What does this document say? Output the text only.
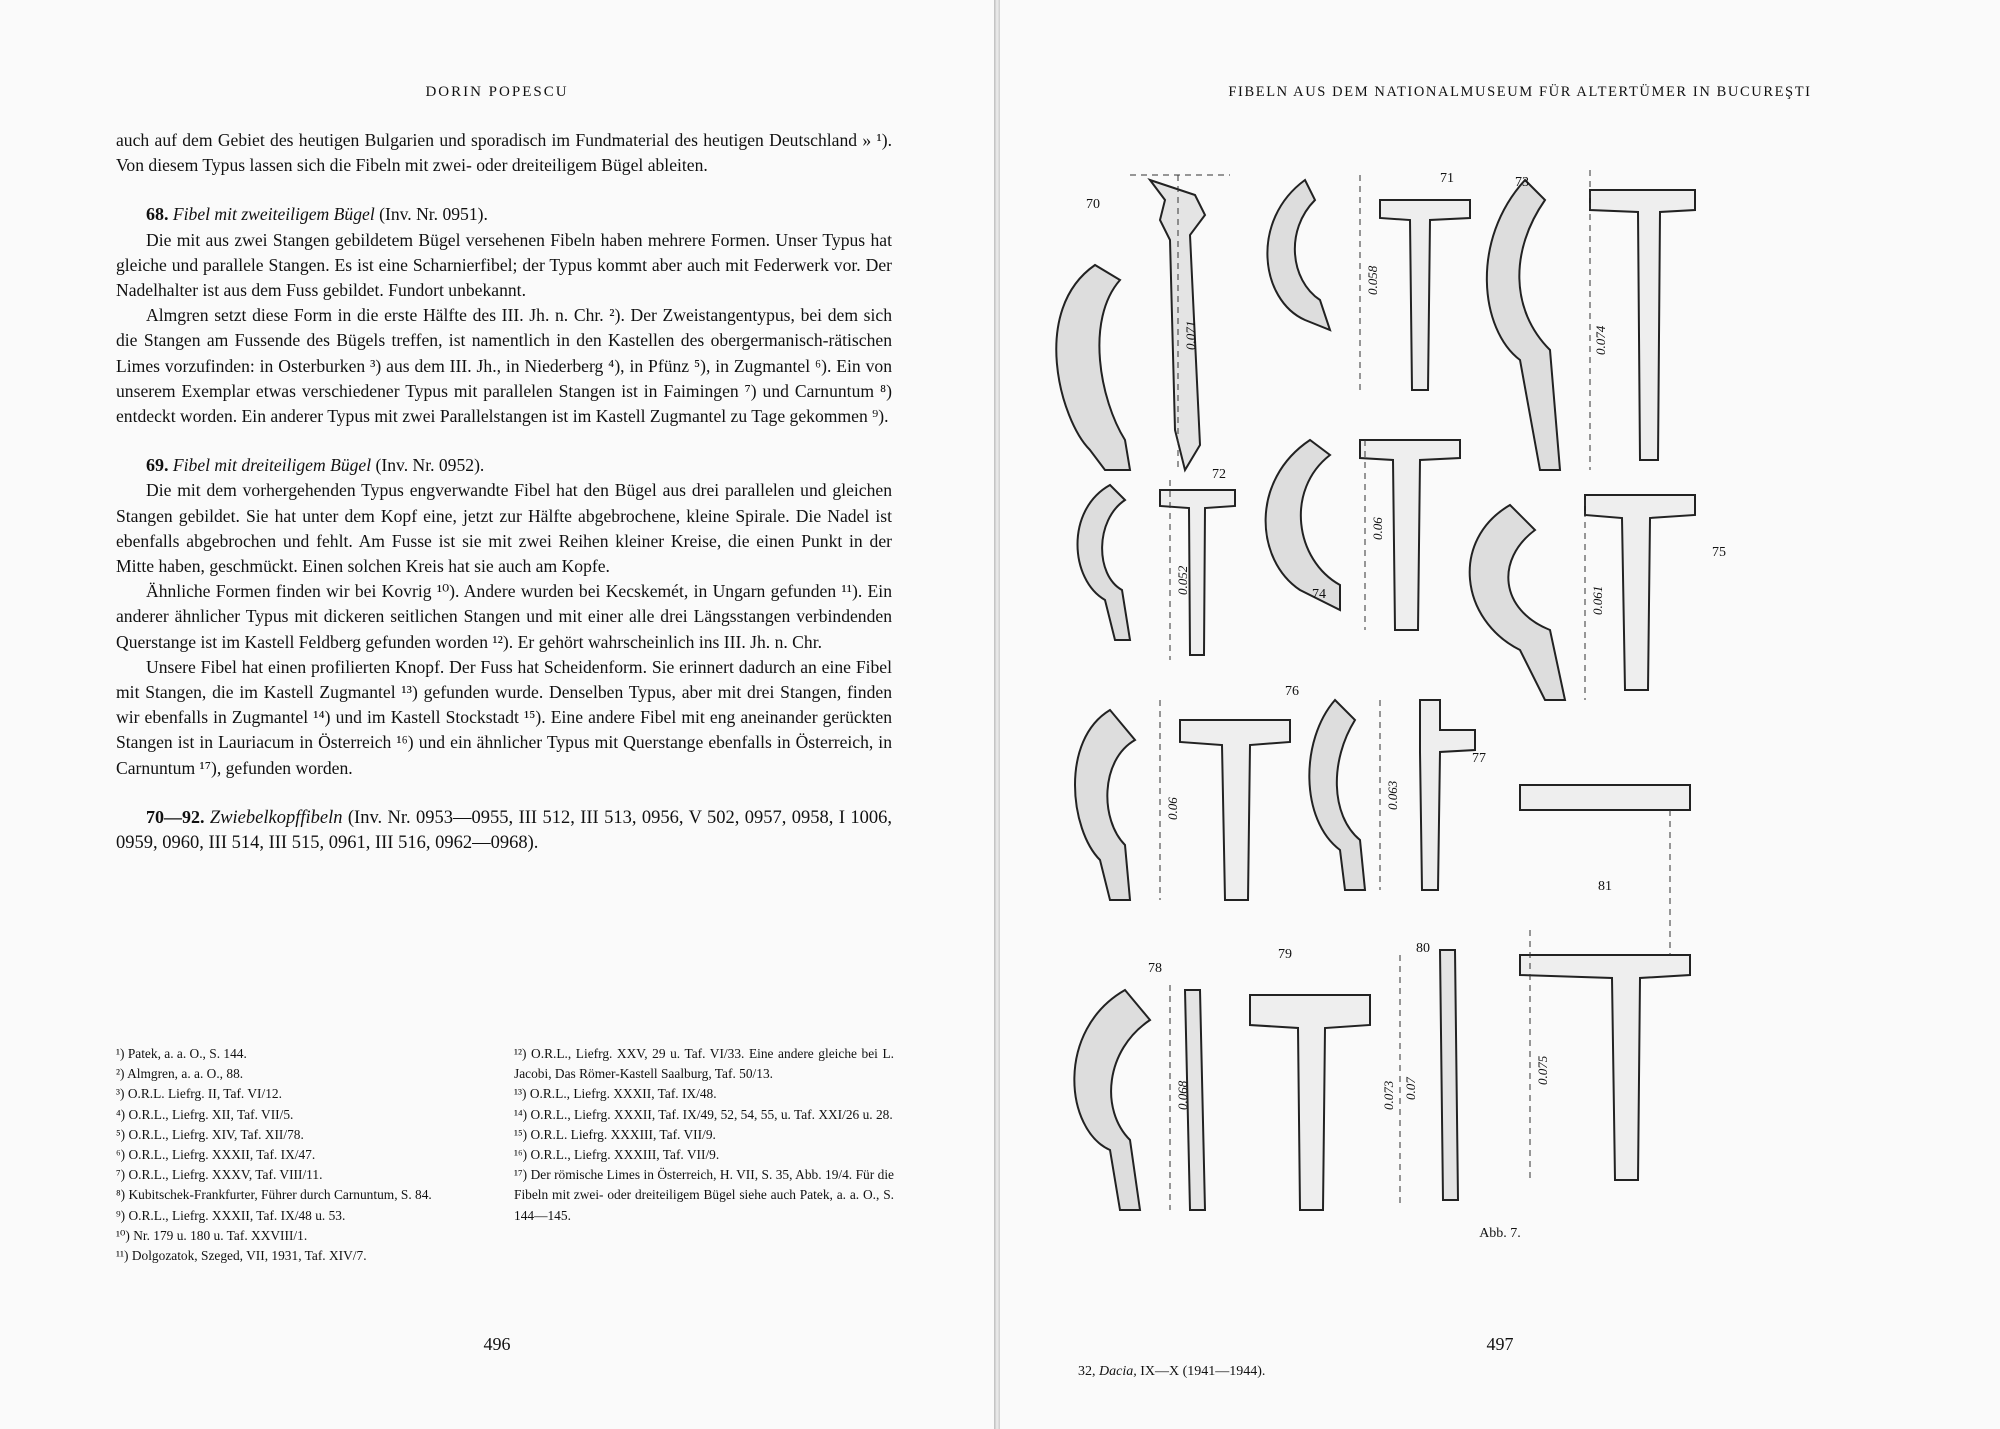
DORIN POPESCU

auch auf dem Gebiet des heutigen Bulgarien und sporadisch im Fundmaterial des heutigen Deutschland » ¹). Von diesem Typus lassen sich die Fibeln mit zwei- oder dreiteiligem Bügel ableiten.

68. Fibel mit zweiteiligem Bügel (Inv. Nr. 0951).

Die mit aus zwei Stangen gebildetem Bügel versehenen Fibeln haben mehrere Formen. Unser Typus hat gleiche und parallele Stangen. Es ist eine Scharnierfibel; der Typus kommt aber auch mit Federwerk vor. Der Nadelhalter ist aus dem Fuss gebildet. Fundort unbekannt.

Almgren setzt diese Form in die erste Hälfte des III. Jh. n. Chr. ²). Der Zweistangentypus, bei dem sich die Stangen am Fussende des Bügels treffen, ist namentlich in den Kastellen des obergermanisch-rätischen Limes vorzufinden: in Osterburken ³) aus dem III. Jh., in Niederberg ⁴), in Pfünz ⁵), in Zugmantel ⁶). Ein von unserem Exemplar etwas verschiedener Typus mit parallelen Stangen ist in Faimingen ⁷) und Carnuntum ⁸) entdeckt worden. Ein anderer Typus mit zwei Parallelstangen ist im Kastell Zugmantel zu Tage gekommen ⁹).

69. Fibel mit dreiteiligem Bügel (Inv. Nr. 0952).

Die mit dem vorhergehenden Typus engverwandte Fibel hat den Bügel aus drei parallelen und gleichen Stangen gebildet. Sie hat unter dem Kopf eine, jetzt zur Hälfte abgebrochene, kleine Spirale. Die Nadel ist ebenfalls abgebrochen und fehlt. Am Fusse ist sie mit zwei Reihen kleiner Kreise, die einen Punkt in der Mitte haben, geschmückt. Einen solchen Kreis hat sie auch am Kopfe.

Ähnliche Formen finden wir bei Kovrig ¹⁰). Andere wurden bei Kecskemét, in Ungarn gefunden ¹¹). Ein anderer ähnlicher Typus mit dickeren seitlichen Stangen und mit einer alle drei Längsstangen verbindenden Querstange ist im Kastell Feldberg gefunden worden ¹²). Er gehört wahrscheinlich ins III. Jh. n. Chr.

Unsere Fibel hat einen profilierten Knopf. Der Fuss hat Scheidenform. Sie erinnert dadurch an eine Fibel mit Stangen, die im Kastell Zugmantel ¹³) gefunden wurde. Denselben Typus, aber mit drei Stangen, finden wir ebenfalls in Zugmantel ¹⁴) und im Kastell Stockstadt ¹⁵). Eine andere Fibel mit eng aneinander gerückten Stangen ist in Lauriacum in Österreich ¹⁶) und ein ähnlicher Typus mit Querstange ebenfalls in Österreich, in Carnuntum ¹⁷), gefunden worden.

70—92. Zwiebelkopffibeln (Inv. Nr. 0953—0955, III 512, III 513, 0956, V 502, 0957, 0958, I 1006, 0959, 0960, III 514, III 515, 0961, III 516, 0962—0968).
¹) Patek, a. a. O., S. 144.
²) Almgren, a. a. O., 88.
³) O.R.L. Liefrg. II, Taf. VI/12.
⁴) O.R.L., Liefrg. XII, Taf. VII/5.
⁵) O.R.L., Liefrg. XIV, Taf. XII/78.
⁶) O.R.L., Liefrg. XXXII, Taf. IX/47.
⁷) O.R.L., Liefrg. XXXV, Taf. VIII/11.
⁸) Kubitschek-Frankfurter, Führer durch Carnuntum, S. 84.
⁹) O.R.L., Liefrg. XXXII, Taf. IX/48 u. 53.
¹⁰) Nr. 179 u. 180 u. Taf. XXVIII/1.
¹¹) Dolgozatok, Szeged, VII, 1931, Taf. XIV/7.
¹²) O.R.L., Liefrg. XXV, 29 u. Taf. VI/33. Eine andere gleiche bei L. Jacobi, Das Römer-Kastell Saalburg, Taf. 50/13.
¹³) O.R.L., Liefrg. XXXII, Taf. IX/48.
¹⁴) O.R.L., Liefrg. XXXII, Taf. IX/49, 52, 54, 55, u. Taf. XXI/26 u. 28.
¹⁵) O.R.L. Liefrg. XXXIII, Taf. VII/9.
¹⁶) O.R.L., Liefrg. XXXIII, Taf. VII/9.
¹⁷) Der römische Limes in Österreich, H. VII, S. 35, Abb. 19/4. Für die Fibeln mit zwei- oder dreiteiligem Bügel siehe auch Patek, a. a. O., S. 144—145.
496
FIBELN AUS DEM NATIONALMUSEUM FÜR ALTERTÜMER IN BUCUREŞTI
70
71
72
73
74
75
76
77
78
79	80
81
0.071
0.058
0.074
0.052
0.06
0.061
0.06	0.063
0.068	0.073 0.07
0.075
Abb. 7.
497
32, Dacia, IX—X (1941—1944).
